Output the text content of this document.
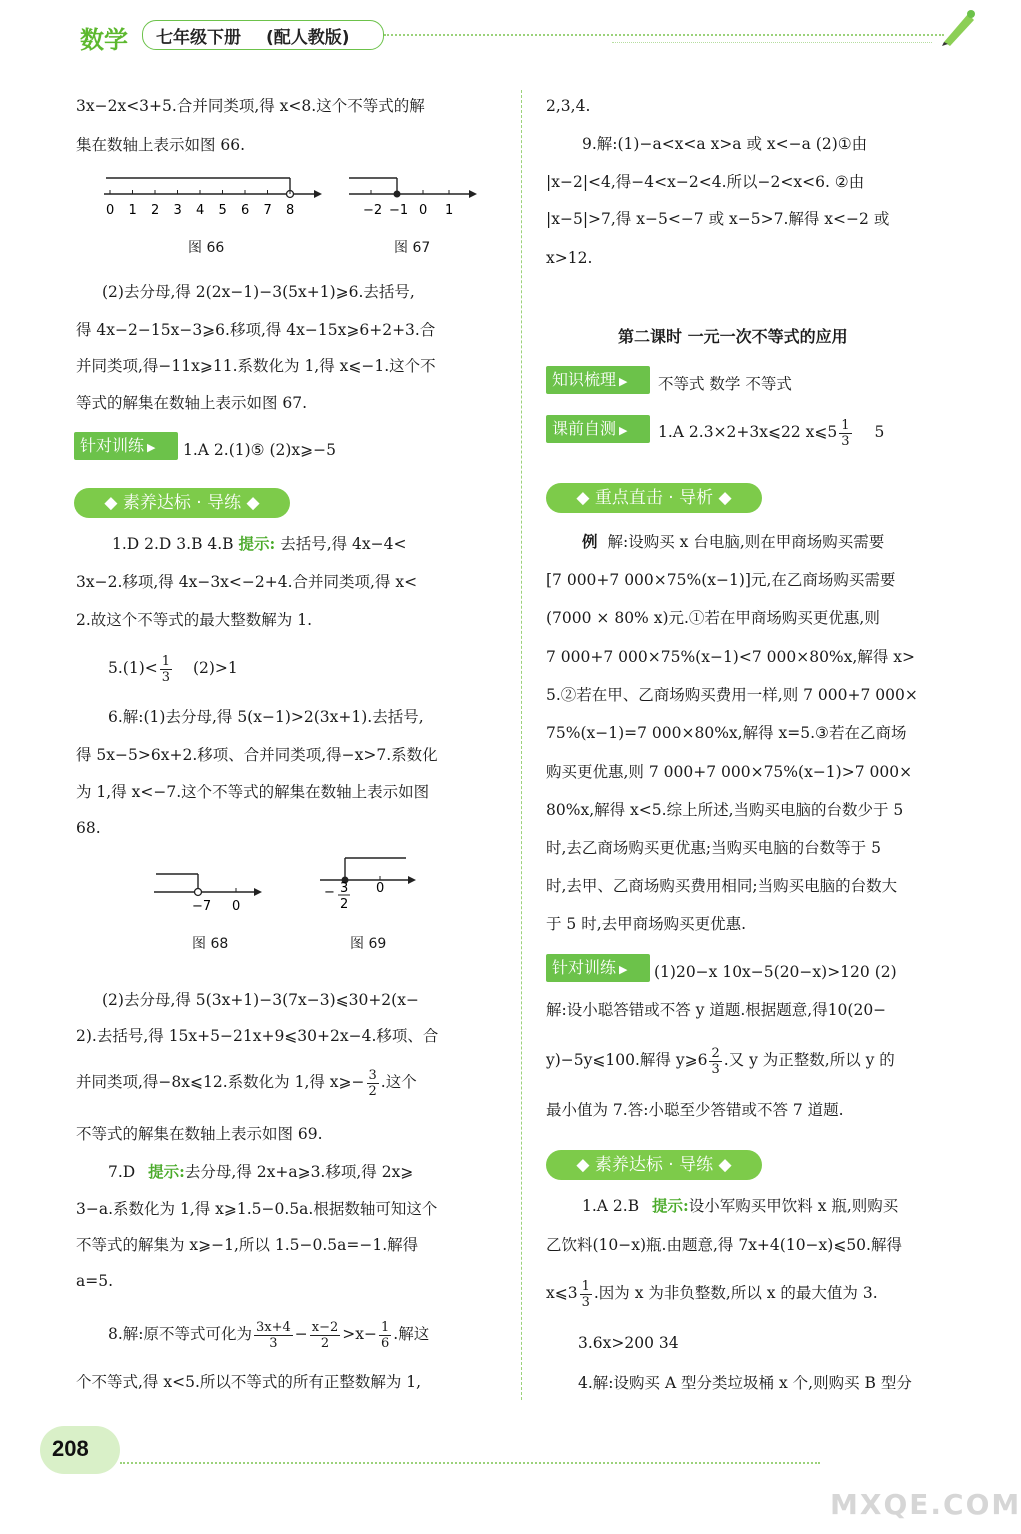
数学 七年级下册 (配人教版)
3x−2x<3+5.合并同类项,得 x<8.这个不等式的解
集在数轴上表示如图 66.
0 1 2 3 4 5 6 7 8
图 66
−2 −1 0 1
图 67
(2)去分母,得 2(2x−1)−3(5x+1)⩾6.去括号,
得 4x−2−15x−3⩾6.移项,得 4x−15x⩾6+2+3.合
并同类项,得−11x⩾11.系数化为 1,得 x⩽−1.这个不
等式的解集在数轴上表示如图 67.
针对训练 ▶	1.A 2.(1)⑤ (2)x⩾−5
◆ 素养达标 · 导练 ◆
1.D 2.D 3.B 4.B 提示: 去括号,得 4x−4<
3x−2.移项,得 4x−3x<−2+4.合并同类项,得 x<
2.故这个不等式的最大整数解为 1.
$5.(1)< \frac{1}{3} (2)>1$
6.解:(1)去分母,得 5(x−1)>2(3x+1).去括号,
得 5x−5>6x+2.移项、合并同类项,得−x>7.系数化
为 1,得 x<−7.这个不等式的解集在数轴上表示如图
68.
−7 0
图 68
− 3
2
0
图 69
(2)去分母,得 5(3x+1)−3(7x−3)⩽30+2(x−
2).去括号,得 15x+5−21x+9⩽30+2x−4.移项、合
并同类项,得−8x⩽12.系数化为 1,得 x⩾− $\frac{3}{2}$ .这个
不等式的解集在数轴上表示如图 69.
7.D 提示:去分母,得 2x+a⩾3.移项,得 2x⩾
3−a.系数化为 1,得 x⩾1.5−0.5a.根据数轴可知这个
不等式的解集为 x⩾−1,所以 1.5−0.5a=−1.解得
a=5.
8.解:原不等式可化为 $\frac{3x+4}{3} - \frac{x-2}{2} >x- \frac{1}{6}$ .解这
个不等式,得 x<5.所以不等式的所有正整数解为 1,
2,3,4.
9.解:(1)−a<x<a x>a 或 x<−a (2)①由
|x−2|<4,得−4<x−2<4.所以−2<x<6. ②由
|x−5|>7,得 x−5<−7 或 x−5>7.解得 x<−2 或
x>12.
第二课时 一元一次不等式的应用
知识梳理 ▶	不等式 数学 不等式
课前自测 ▶	1.A 2.3×2+3x⩽22 x⩽5 $\frac{1}{3} 5$
◆ 重点直击 · 导析 ◆
例 解:设购买 x 台电脑,则在甲商场购买需要
[7 000+7 000×75%(x−1)]元,在乙商场购买需要
(7000 × 80% x)元.①若在甲商场购买更优惠,则
7 000+7 000×75%(x−1)<7 000×80%x,解得 x>
5.②若在甲、乙商场购买费用一样,则 7 000+7 000×
75%(x−1)=7 000×80%x,解得 x=5.③若在乙商场
购买更优惠,则 7 000+7 000×75%(x−1)>7 000×
80%x,解得 x<5.综上所述,当购买电脑的台数少于 5
时,去乙商场购买更优惠;当购买电脑的台数等于 5
时,去甲、乙商场购买费用相同;当购买电脑的台数大
于 5 时,去甲商场购买更优惠.
针对训练 ▶	(1)20−x 10x−5(20−x)>120 (2)
解:设小聪答错或不答 y 道题.根据题意,得10(20−
y)−5y⩽100.解得 y⩾6 $\frac{2}{3}$ .又 y 为正整数,所以 y 的
最小值为 7.答:小聪至少答错或不答 7 道题.
◆ 素养达标 · 导练 ◆
1.A 2.B 提示:设小军购买甲饮料 x 瓶,则购买
乙饮料(10−x)瓶.由题意,得 7x+4(10−x)⩽50.解得
x⩽3 $\frac{1}{3}$ .因为 x 为非负整数,所以 x 的最大值为 3.
3.6x>200 34
4.解:设购买 A 型分类垃圾桶 x 个,则购买 B 型分
208
MXQE.COM
